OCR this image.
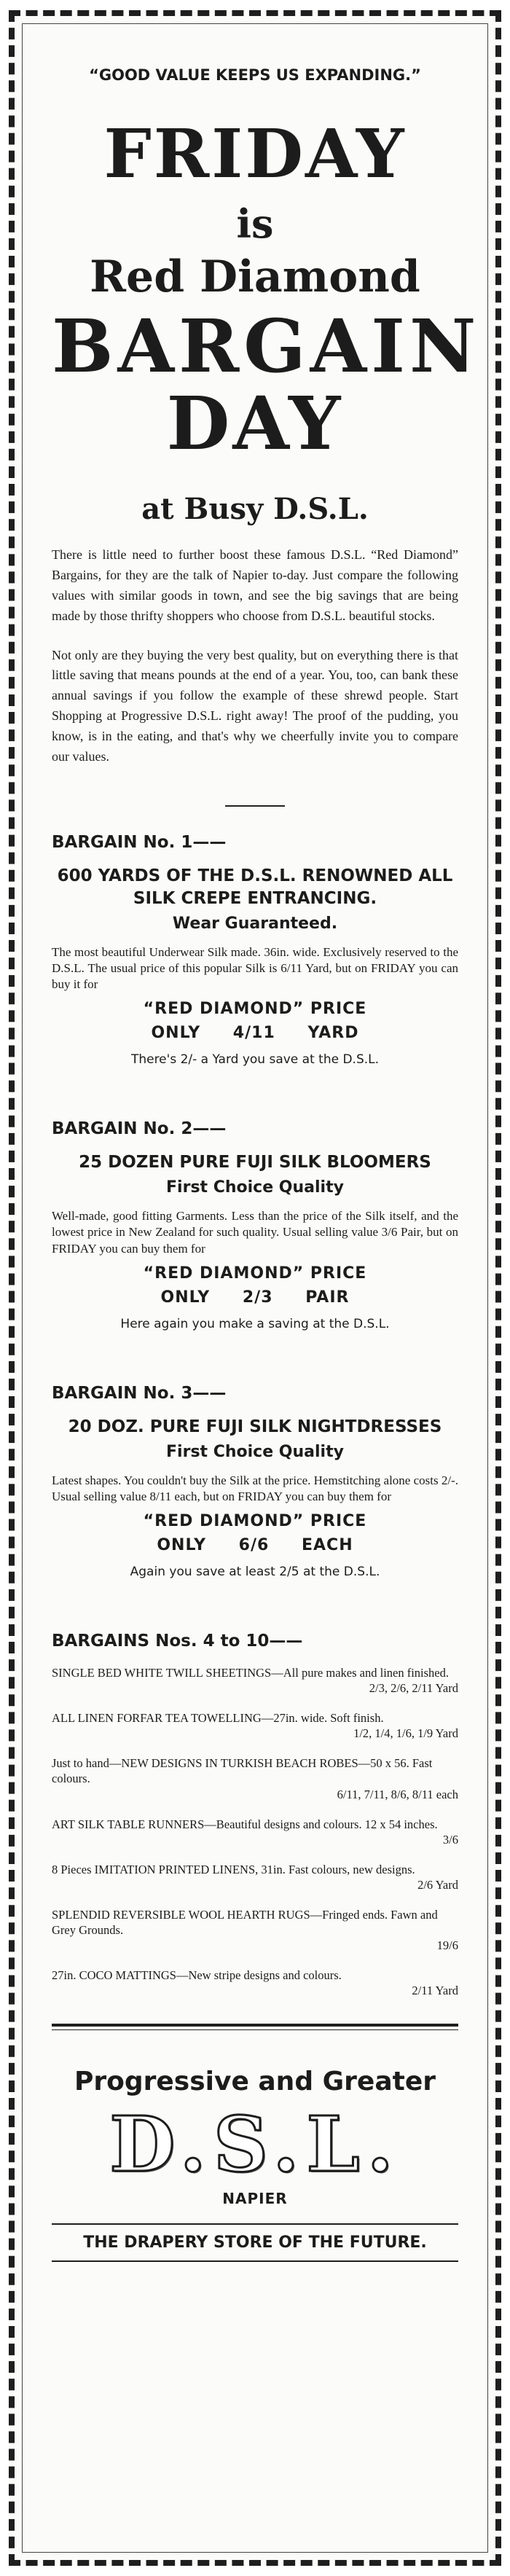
“GOOD VALUE KEEPS US EXPANDING.”
FRIDAY
is
Red Diamond
BARGAIN
DAY
at Busy D.S.L.

There is little need to further boost these famous D.S.L. “Red Diamond” Bargains, for they are the talk of Napier to-day. Just compare the following values with similar goods in town, and see the big savings that are being made by those thrifty shoppers who choose from D.S.L. beautiful stocks.

Not only are they buying the very best quality, but on everything there is that little saving that means pounds at the end of a year. You, too, can bank these annual savings if you follow the example of these shrewd people. Start Shopping at Progressive D.S.L. right away! The proof of the pudding, you know, is in the eating, and that's why we cheerfully invite you to compare our values.

BARGAIN No. 1——
600 YARDS OF THE D.S.L. RENOWNED ALL SILK CREPE ENTRANCING.
Wear Guaranteed.
The most beautiful Underwear Silk made. 36in. wide. Exclusively reserved to the D.S.L. The usual price of this popular Silk is 6/11 Yard, but on FRIDAY you can buy it for
“RED DIAMOND” PRICE
ONLY 4/11 YARD
There's 2/- a Yard you save at the D.S.L.
BARGAIN No. 2——
25 DOZEN PURE FUJI SILK BLOOMERS
First Choice Quality
Well-made, good fitting Garments. Less than the price of the Silk itself, and the lowest price in New Zealand for such quality. Usual selling value 3/6 Pair, but on FRIDAY you can buy them for
“RED DIAMOND” PRICE
ONLY 2/3 PAIR
Here again you make a saving at the D.S.L.
BARGAIN No. 3——
20 DOZ. PURE FUJI SILK NIGHTDRESSES
First Choice Quality
Latest shapes. You couldn't buy the Silk at the price. Hemstitching alone costs 2/-. Usual selling value 8/11 each, but on FRIDAY you can buy them for
“RED DIAMOND” PRICE
ONLY 6/6 EACH
Again you save at least 2/5 at the D.S.L.
BARGAINS Nos. 4 to 10——
SINGLE BED WHITE TWILL SHEETINGS—All pure makes and linen finished.
2/3, 2/6, 2/11 Yard
ALL LINEN FORFAR TEA TOWELLING—27in. wide. Soft finish.
1/2, 1/4, 1/6, 1/9 Yard
Just to hand—NEW DESIGNS IN TURKISH BEACH ROBES—50 x 56. Fast colours.
6/11, 7/11, 8/6, 8/11 each
ART SILK TABLE RUNNERS—Beautiful designs and colours. 12 x 54 inches.
3/6
8 Pieces IMITATION PRINTED LINENS, 31in. Fast colours, new designs.
2/6 Yard
SPLENDID REVERSIBLE WOOL HEARTH RUGS—Fringed ends. Fawn and Grey Grounds.
19/6
27in. COCO MATTINGS—New stripe designs and colours.
2/11 Yard
Progressive and Greater
D.S.L.
NAPIER
THE DRAPERY STORE OF THE FUTURE.
